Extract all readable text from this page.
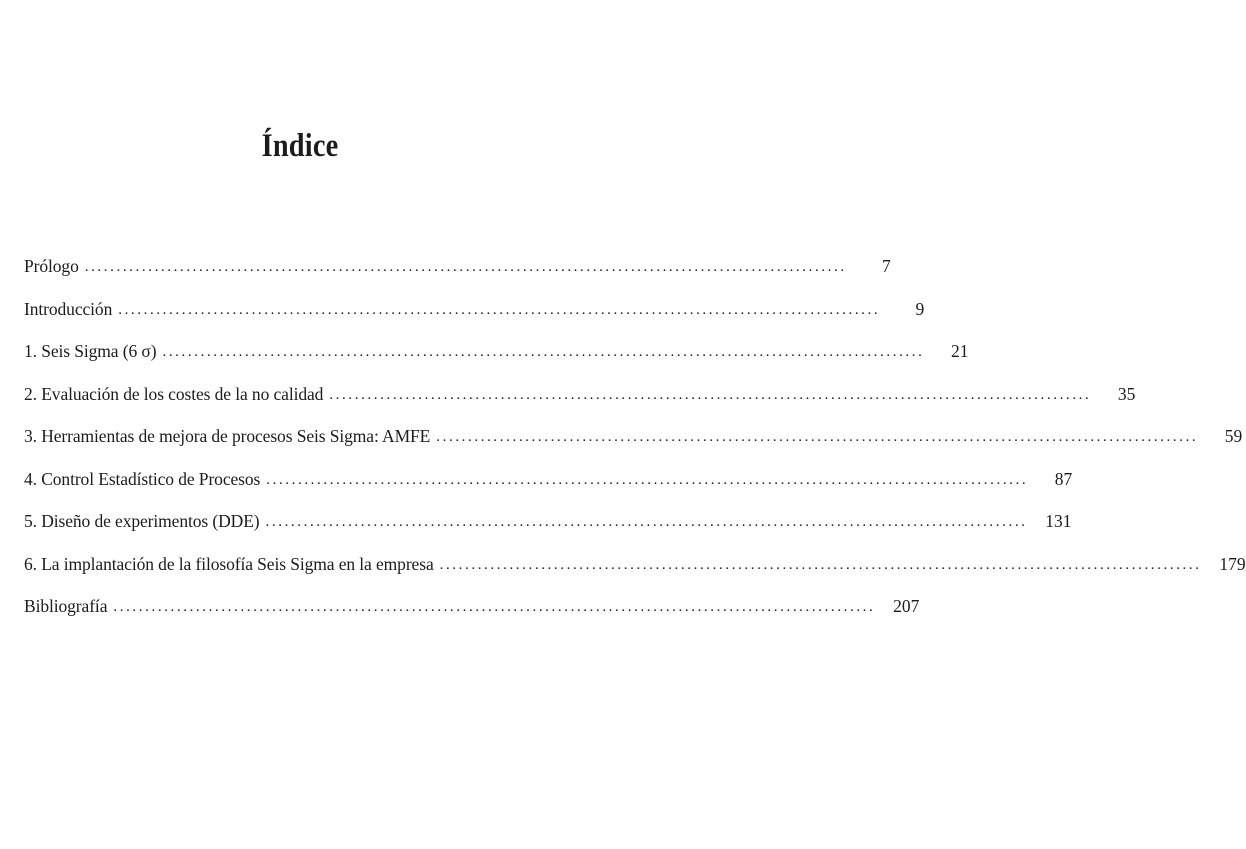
Índice
Prólogo ........................................................................................................................	7
Introducción ........................................................................................................................	9
1. Seis Sigma (6 σ) ........................................................................................................................	21
2. Evaluación de los costes de la no calidad ........................................................................................................................	35
3. Herramientas de mejora de procesos Seis Sigma: AMFE ........................................................................................................................	59
4. Control Estadístico de Procesos ........................................................................................................................	87
5. Diseño de experimentos (DDE) ........................................................................................................................	131
6. La implantación de la filosofía Seis Sigma en la empresa ........................................................................................................................	179
Bibliografía ........................................................................................................................	207
